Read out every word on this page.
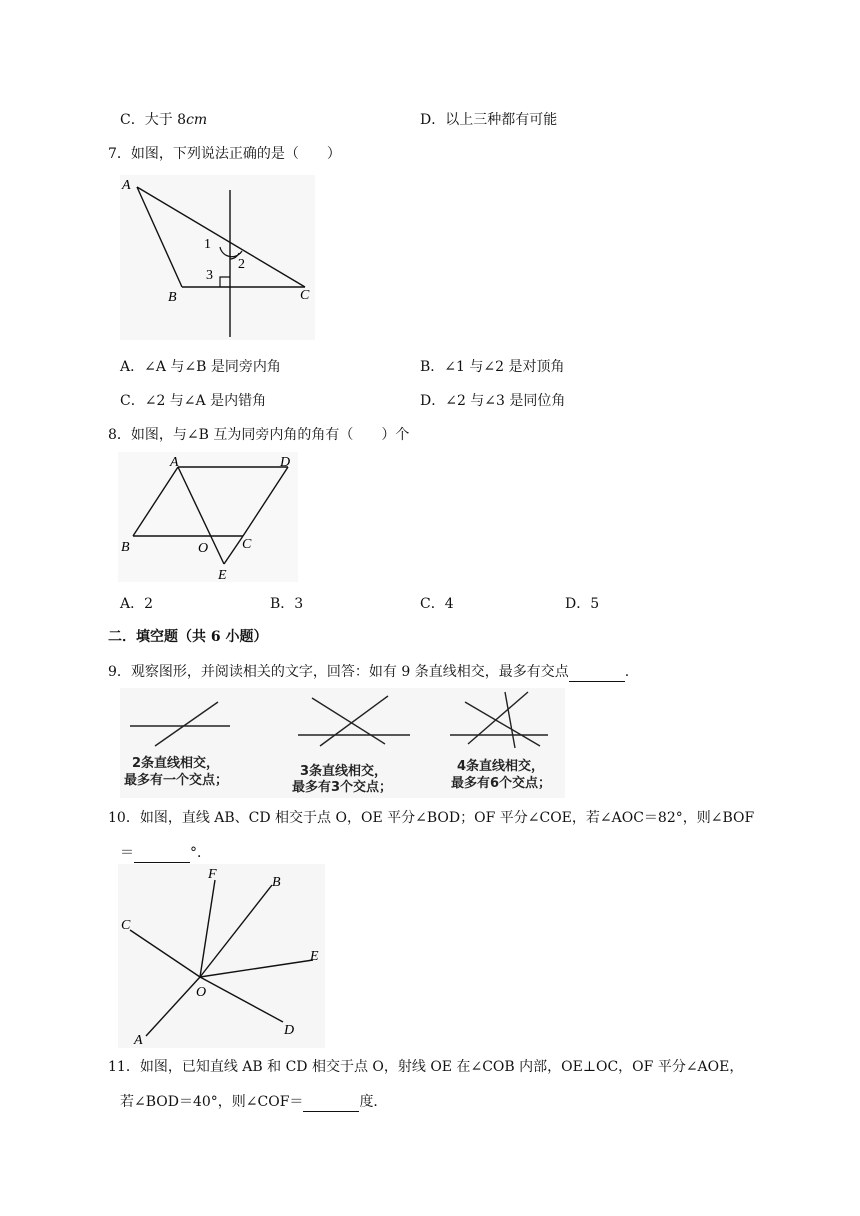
C．大于 8cm	D．以上三种都有可能
7．如图，下列说法正确的是（　　）
A
B	C
1
2
3
A．∠A 与∠B 是同旁内角	B．∠1 与∠2 是对顶角
C．∠2 与∠A 是内错角	D．∠2 与∠3 是同位角
8．如图，与∠B 互为同旁内角的角有（　　）个
A	D
B	O C
E
A．2	B．3	C．4	D．5
二．填空题（共 6 小题）
9．观察图形，并阅读相关的文字，回答：如有 9 条直线相交，最多有交点	.
2条直线相交，
最多有一个交点；
3条直线相交，
最多有3个交点；
4条直线相交，
最多有6个交点；
10．如图，直线 AB、CD 相交于点 O，OE 平分∠BOD；OF 平分∠COE，若∠AOC＝82°，则∠BOF
＝	°．
F
B
C
E
O
D
A
11．如图，已知直线 AB 和 CD 相交于点 O，射线 OE 在∠COB 内部，OE⊥OC，OF 平分∠AOE，
若∠BOD＝40°，则∠COF＝	度．
